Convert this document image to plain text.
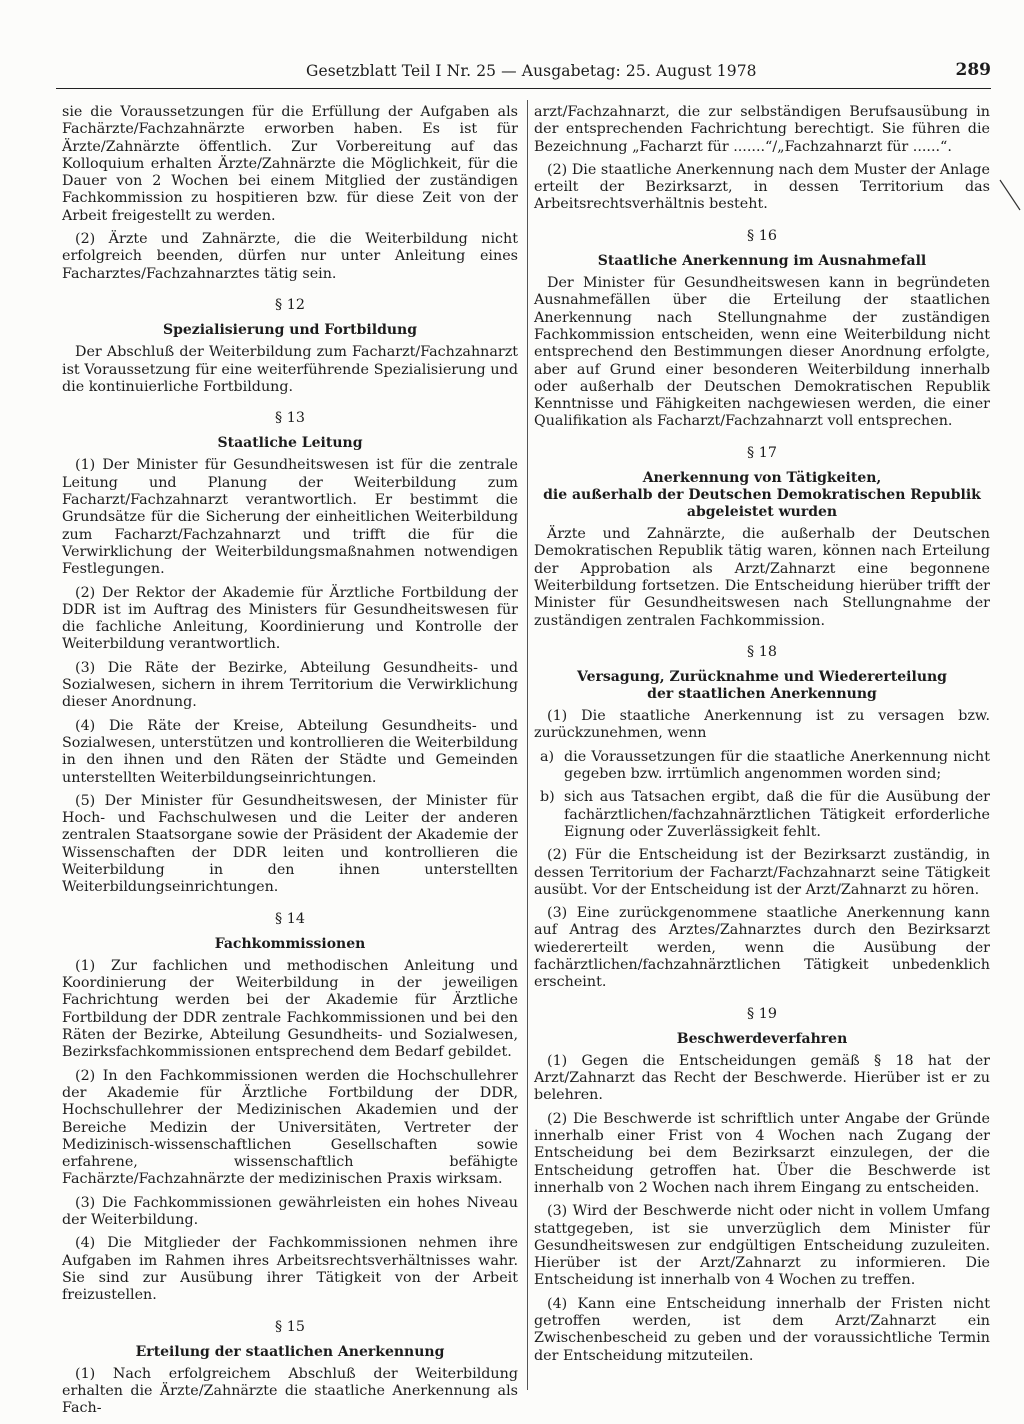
Gesetzblatt Teil I Nr. 25 — Ausgabetag: 25. August 1978	289

sie die Voraussetzungen für die Erfüllung der Aufgaben als Fachärzte/Fachzahnärzte erworben haben. Es ist für Ärzte/Zahnärzte öffentlich. Zur Vorbereitung auf das Kolloquium erhalten Ärzte/Zahnärzte die Möglichkeit, für die Dauer von 2 Wochen bei einem Mitglied der zuständigen Fachkommission zu hospitieren bzw. für diese Zeit von der Arbeit freigestellt zu werden.

(2) Ärzte und Zahnärzte, die die Weiterbildung nicht erfolgreich beenden, dürfen nur unter Anleitung eines Facharztes/Fachzahnarztes tätig sein.

§ 12
Spezialisierung und Fortbildung

Der Abschluß der Weiterbildung zum Facharzt/Fachzahnarzt ist Voraussetzung für eine weiterführende Spezialisierung und die kontinuierliche Fortbildung.

§ 13
Staatliche Leitung

(1) Der Minister für Gesundheitswesen ist für die zentrale Leitung und Planung der Weiterbildung zum Facharzt/Fachzahnarzt verantwortlich. Er bestimmt die Grundsätze für die Sicherung der einheitlichen Weiterbildung zum Facharzt/Fachzahnarzt und trifft die für die Verwirklichung der Weiterbildungsmaßnahmen notwendigen Festlegungen.

(2) Der Rektor der Akademie für Ärztliche Fortbildung der DDR ist im Auftrag des Ministers für Gesundheitswesen für die fachliche Anleitung, Koordinierung und Kontrolle der Weiterbildung verantwortlich.

(3) Die Räte der Bezirke, Abteilung Gesundheits- und Sozialwesen, sichern in ihrem Territorium die Verwirklichung dieser Anordnung.

(4) Die Räte der Kreise, Abteilung Gesundheits- und Sozialwesen, unterstützen und kontrollieren die Weiterbildung in den ihnen und den Räten der Städte und Gemeinden unterstellten Weiterbildungseinrichtungen.

(5) Der Minister für Gesundheitswesen, der Minister für Hoch- und Fachschulwesen und die Leiter der anderen zentralen Staatsorgane sowie der Präsident der Akademie der Wissenschaften der DDR leiten und kontrollieren die Weiterbildung in den ihnen unterstellten Weiterbildungseinrichtungen.

§ 14
Fachkommissionen

(1) Zur fachlichen und methodischen Anleitung und Koordinierung der Weiterbildung in der jeweiligen Fachrichtung werden bei der Akademie für Ärztliche Fortbildung der DDR zentrale Fachkommissionen und bei den Räten der Bezirke, Abteilung Gesundheits- und Sozialwesen, Bezirksfachkommissionen entsprechend dem Bedarf gebildet.

(2) In den Fachkommissionen werden die Hochschullehrer der Akademie für Ärztliche Fortbildung der DDR, Hochschullehrer der Medizinischen Akademien und der Bereiche Medizin der Universitäten, Vertreter der Medizinisch-wissenschaftlichen Gesellschaften sowie erfahrene, wissenschaftlich befähigte Fachärzte/Fachzahnärzte der medizinischen Praxis wirksam.

(3) Die Fachkommissionen gewährleisten ein hohes Niveau der Weiterbildung.

(4) Die Mitglieder der Fachkommissionen nehmen ihre Aufgaben im Rahmen ihres Arbeitsrechtsverhältnisses wahr. Sie sind zur Ausübung ihrer Tätigkeit von der Arbeit freizustellen.

§ 15
Erteilung der staatlichen Anerkennung

(1) Nach erfolgreichem Abschluß der Weiterbildung erhalten die Ärzte/Zahnärzte die staatliche Anerkennung als Fach-

arzt/Fachzahnarzt, die zur selbständigen Berufsausübung in der entsprechenden Fachrichtung berechtigt. Sie führen die Bezeichnung „Facharzt für .......“/„Fachzahnarzt für ......“.

(2) Die staatliche Anerkennung nach dem Muster der Anlage erteilt der Bezirksarzt, in dessen Territorium das Arbeitsrechtsverhältnis besteht.

§ 16
Staatliche Anerkennung im Ausnahmefall

Der Minister für Gesundheitswesen kann in begründeten Ausnahmefällen über die Erteilung der staatlichen Anerkennung nach Stellungnahme der zuständigen Fachkommission entscheiden, wenn eine Weiterbildung nicht entsprechend den Bestimmungen dieser Anordnung erfolgte, aber auf Grund einer besonderen Weiterbildung innerhalb oder außerhalb der Deutschen Demokratischen Republik Kenntnisse und Fähigkeiten nachgewiesen werden, die einer Qualifikation als Facharzt/Fachzahnarzt voll entsprechen.

§ 17
Anerkennung von Tätigkeiten,
die außerhalb der Deutschen Demokratischen Republik
abgeleistet wurden

Ärzte und Zahnärzte, die außerhalb der Deutschen Demokratischen Republik tätig waren, können nach Erteilung der Approbation als Arzt/Zahnarzt eine begonnene Weiterbildung fortsetzen. Die Entscheidung hierüber trifft der Minister für Gesundheitswesen nach Stellungnahme der zuständigen zentralen Fachkommission.

§ 18
Versagung, Zurücknahme und Wiedererteilung
der staatlichen Anerkennung

(1) Die staatliche Anerkennung ist zu versagen bzw. zurückzunehmen, wenn

a) die Voraussetzungen für die staatliche Anerkennung nicht gegeben bzw. irrtümlich angenommen worden sind;
b) sich aus Tatsachen ergibt, daß die für die Ausübung der fachärztlichen/fachzahnärztlichen Tätigkeit erforderliche Eignung oder Zuverlässigkeit fehlt.

(2) Für die Entscheidung ist der Bezirksarzt zuständig, in dessen Territorium der Facharzt/Fachzahnarzt seine Tätigkeit ausübt. Vor der Entscheidung ist der Arzt/Zahnarzt zu hören.

(3) Eine zurückgenommene staatliche Anerkennung kann auf Antrag des Arztes/Zahnarztes durch den Bezirksarzt wiedererteilt werden, wenn die Ausübung der fachärztlichen/fachzahnärztlichen Tätigkeit unbedenklich erscheint.

§ 19
Beschwerdeverfahren

(1) Gegen die Entscheidungen gemäß § 18 hat der Arzt/Zahnarzt das Recht der Beschwerde. Hierüber ist er zu belehren.

(2) Die Beschwerde ist schriftlich unter Angabe der Gründe innerhalb einer Frist von 4 Wochen nach Zugang der Entscheidung bei dem Bezirksarzt einzulegen, der die Entscheidung getroffen hat. Über die Beschwerde ist innerhalb von 2 Wochen nach ihrem Eingang zu entscheiden.

(3) Wird der Beschwerde nicht oder nicht in vollem Umfang stattgegeben, ist sie unverzüglich dem Minister für Gesundheitswesen zur endgültigen Entscheidung zuzuleiten. Hierüber ist der Arzt/Zahnarzt zu informieren. Die Entscheidung ist innerhalb von 4 Wochen zu treffen.

(4) Kann eine Entscheidung innerhalb der Fristen nicht getroffen werden, ist dem Arzt/Zahnarzt ein Zwischenbescheid zu geben und der voraussichtliche Termin der Entscheidung mitzuteilen.
